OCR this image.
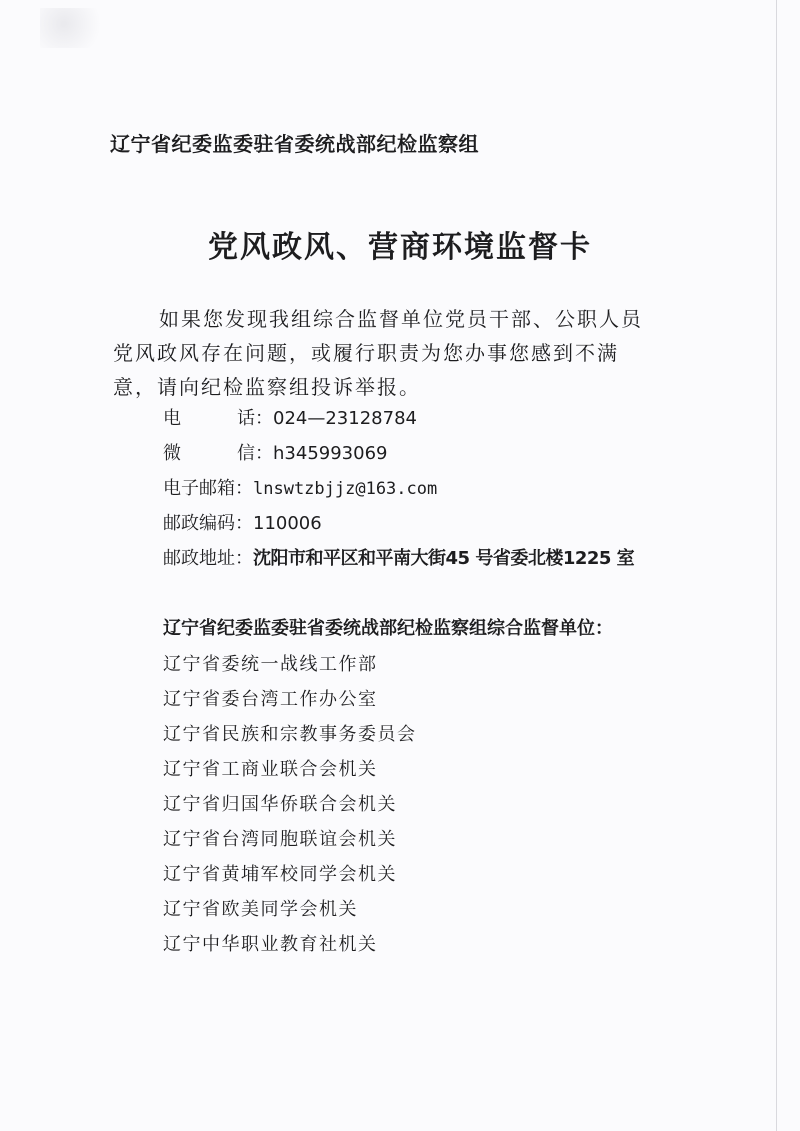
辽宁省纪委监委驻省委统战部纪检监察组
党风政风、营商环境监督卡
如果您发现我组综合监督单位党员干部、公职人员党风政风存在问题，或履行职责为您办事您感到不满意，请向纪检监察组投诉举报。
电	话 ：024—23128784
微	信 ：h345993069
电子邮箱：lnswtzbjjz@163.com
邮政编码：110006
邮政地址：沈阳市和平区和平南大街45 号省委北楼1225 室
辽宁省纪委监委驻省委统战部纪检监察组综合监督单位：
辽宁省委统一战线工作部
辽宁省委台湾工作办公室
辽宁省民族和宗教事务委员会
辽宁省工商业联合会机关
辽宁省归国华侨联合会机关
辽宁省台湾同胞联谊会机关
辽宁省黄埔军校同学会机关
辽宁省欧美同学会机关
辽宁中华职业教育社机关
